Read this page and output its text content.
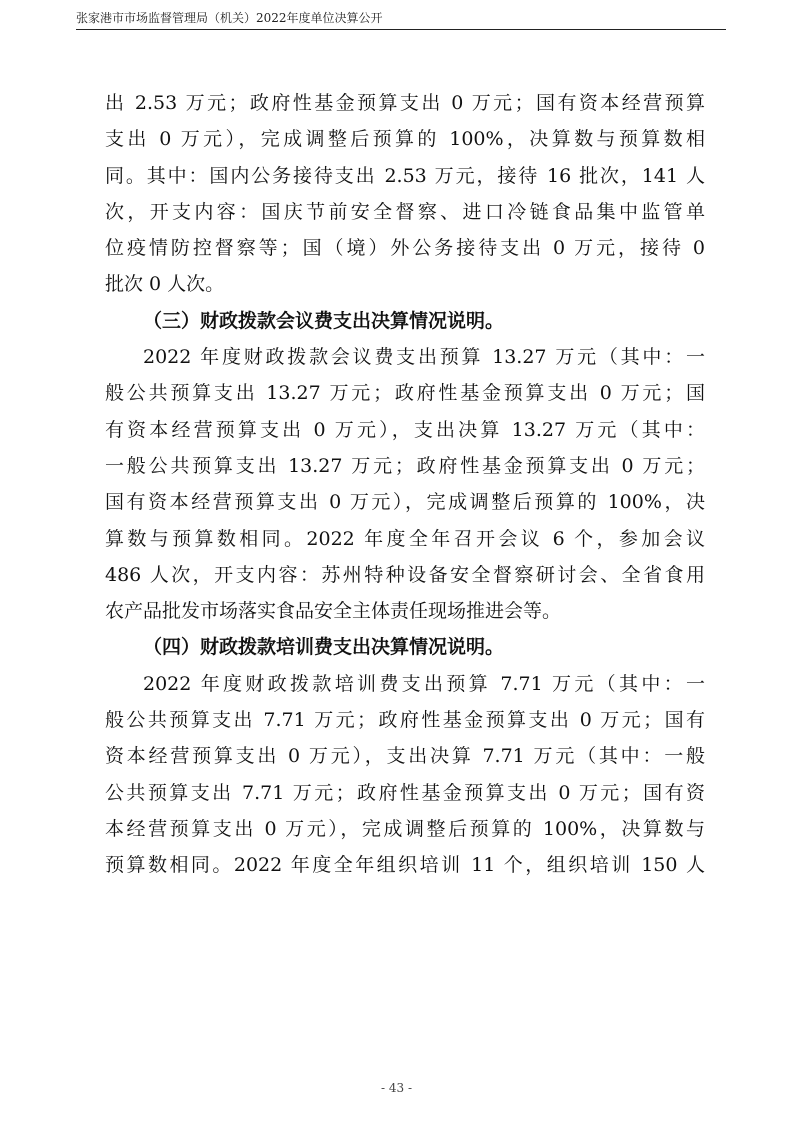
张家港市市场监督管理局（机关）2022年度单位决算公开
出 2.53 万元；政府性基金预算支出 0 万元；国有资本经营预算
支出 0 万元），完成调整后预算的 100%，决算数与预算数相
同。其中：国内公务接待支出 2.53 万元，接待 16 批次，141 人
次，开支内容：国庆节前安全督察、进口冷链食品集中监管单
位疫情防控督察等；国（境）外公务接待支出 0 万元，接待 0
批次 0 人次。
（三）财政拨款会议费支出决算情况说明。
2022 年度财政拨款会议费支出预算 13.27 万元（其中：一
般公共预算支出 13.27 万元；政府性基金预算支出 0 万元；国
有资本经营预算支出 0 万元），支出决算 13.27 万元（其中：
一般公共预算支出 13.27 万元；政府性基金预算支出 0 万元；
国有资本经营预算支出 0 万元），完成调整后预算的 100%，决
算数与预算数相同。2022 年度全年召开会议 6 个，参加会议
486 人次，开支内容：苏州特种设备安全督察研讨会、全省食用
农产品批发市场落实食品安全主体责任现场推进会等。
（四）财政拨款培训费支出决算情况说明。
2022 年度财政拨款培训费支出预算 7.71 万元（其中：一
般公共预算支出 7.71 万元；政府性基金预算支出 0 万元；国有
资本经营预算支出 0 万元），支出决算 7.71 万元（其中：一般
公共预算支出 7.71 万元；政府性基金预算支出 0 万元；国有资
本经营预算支出 0 万元），完成调整后预算的 100%，决算数与
预算数相同。2022 年度全年组织培训 11 个，组织培训 150 人
- 43 -
